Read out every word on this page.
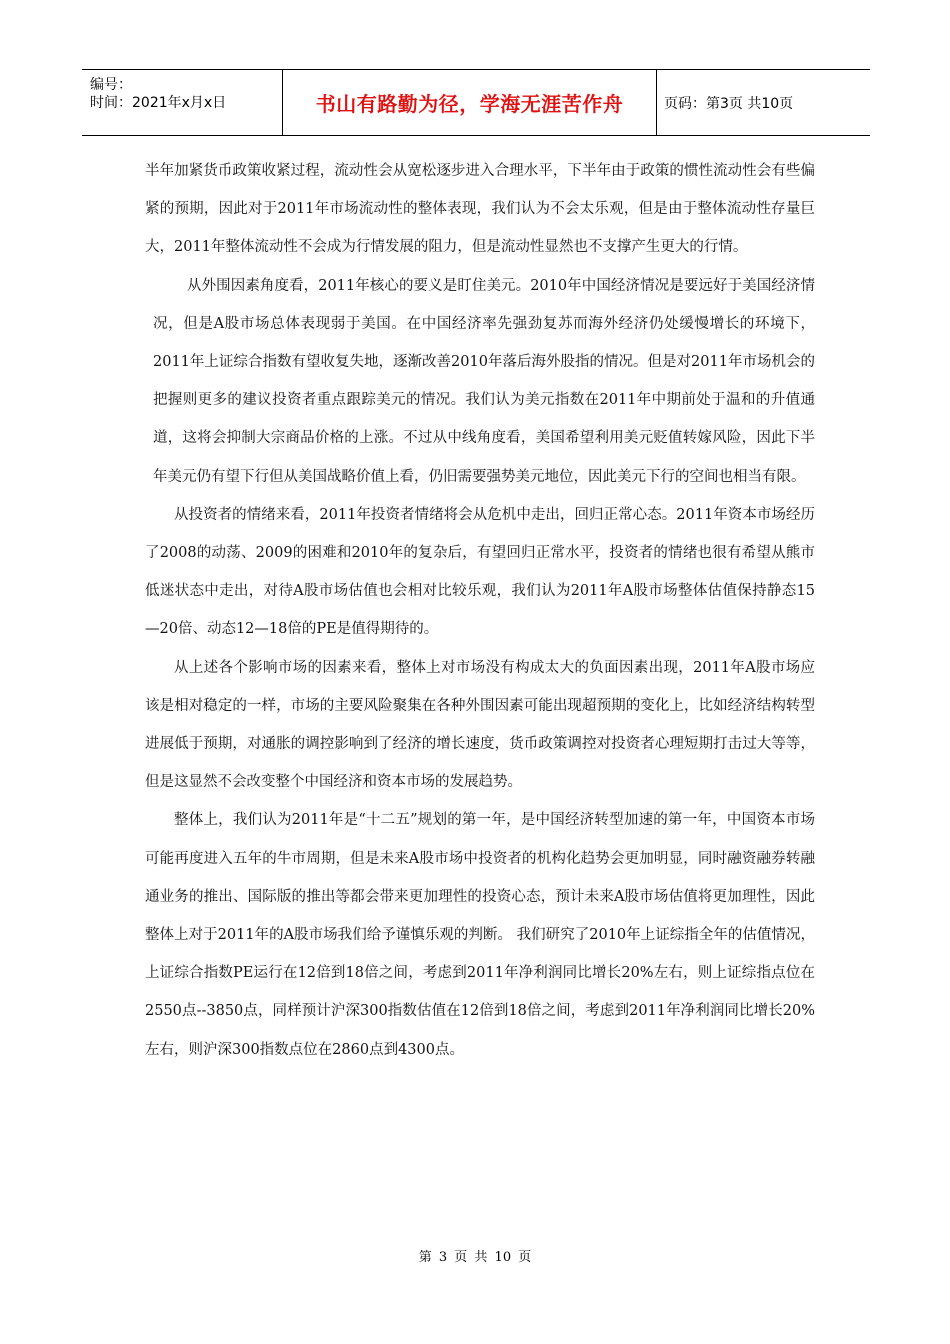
编号：
时间：2021年x月x日	书山有路勤为径，学海无涯苦作舟	页码：第3页 共10页

半年加紧货币政策收紧过程，流动性会从宽松逐步进入合理水平，下半年由于政策的惯性流动性会有些偏紧的预期，因此对于2011年市场流动性的整体表现，我们认为不会太乐观，但是由于整体流动性存量巨大，2011年整体流动性不会成为行情发展的阻力，但是流动性显然也不支撑产生更大的行情。

从外围因素角度看，2011年核心的要义是盯住美元。2010年中国经济情况是要远好于美国经济情况，但是A股市场总体表现弱于美国。在中国经济率先强劲复苏而海外经济仍处缓慢增长的环境下，2011年上证综合指数有望收复失地，逐渐改善2010年落后海外股指的情况。但是对2011年市场机会的把握则更多的建议投资者重点跟踪美元的情况。我们认为美元指数在2011年中期前处于温和的升值通道，这将会抑制大宗商品价格的上涨。不过从中线角度看，美国希望利用美元贬值转嫁风险，因此下半年美元仍有望下行但从美国战略价值上看，仍旧需要强势美元地位，因此美元下行的空间也相当有限。

从投资者的情绪来看，2011年投资者情绪将会从危机中走出，回归正常心态。2011年资本市场经历了2008的动荡、2009的困难和2010年的复杂后，有望回归正常水平，投资者的情绪也很有希望从熊市低迷状态中走出，对待A股市场估值也会相对比较乐观，我们认为2011年A股市场整体估值保持静态15—20倍、动态12—18倍的PE是值得期待的。

从上述各个影响市场的因素来看，整体上对市场没有构成太大的负面因素出现，2011年A股市场应该是相对稳定的一样，市场的主要风险聚集在各种外围因素可能出现超预期的变化上，比如经济结构转型进展低于预期，对通胀的调控影响到了经济的增长速度，货币政策调控对投资者心理短期打击过大等等，但是这显然不会改变整个中国经济和资本市场的发展趋势。

整体上，我们认为2011年是“十二五”规划的第一年，是中国经济转型加速的第一年，中国资本市场可能再度进入五年的牛市周期，但是未来A股市场中投资者的机构化趋势会更加明显，同时融资融券转融通业务的推出、国际版的推出等都会带来更加理性的投资心态，预计未来A股市场估值将更加理性，因此整体上对于2011年的A股市场我们给予谨慎乐观的判断。 我们研究了2010年上证综指全年的估值情况，上证综合指数PE运行在12倍到18倍之间，考虑到2011年净利润同比增长20%左右，则上证综指点位在2550点--3850点，同样预计沪深300指数估值在12倍到18倍之间，考虑到2011年净利润同比增长20%左右，则沪深300指数点位在2860点到4300点。

第 3 页 共 10 页
